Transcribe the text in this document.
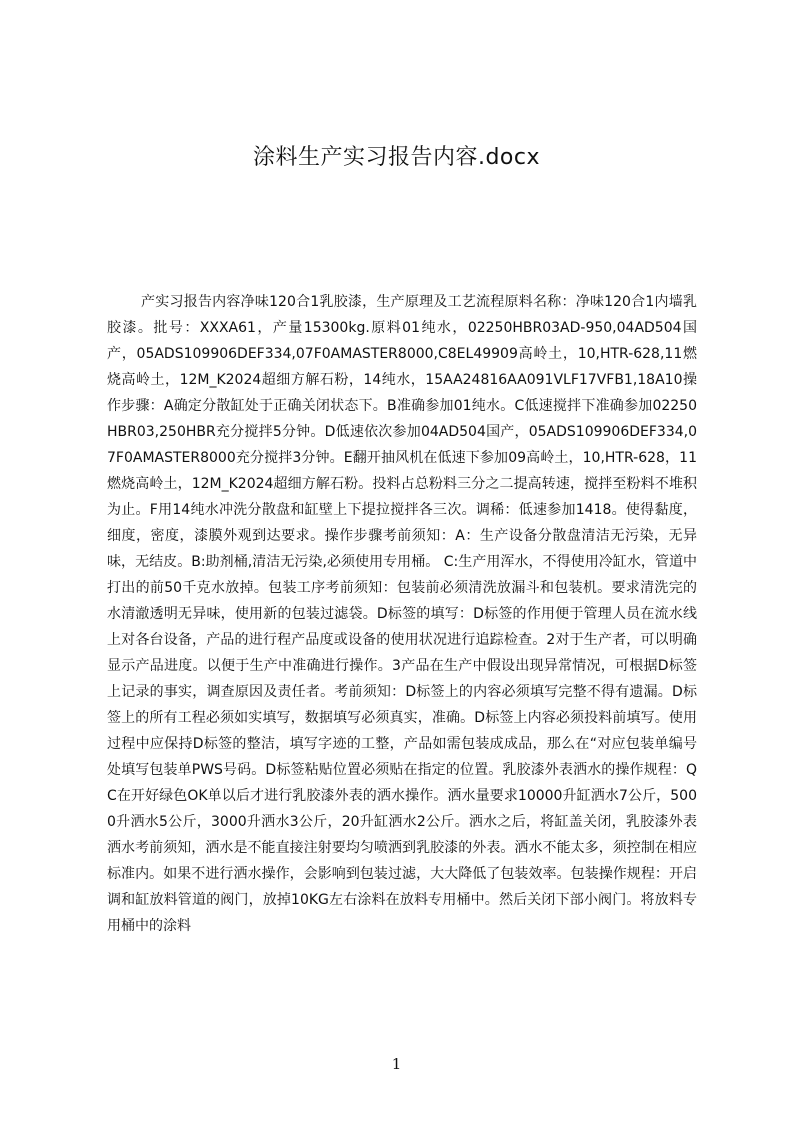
涂料生产实习报告内容.docx

产实习报告内容净味120合1乳胶漆，生产原理及工艺流程原料名称：净味120合1内墙乳胶漆。批号：XXXA61，产量15300kg.原料01纯水，02250HBR03AD-950,04AD504国产，05ADS109906DEF334,07F0AMASTER8000,C8EL49909高岭土，10,HTR-628,11燃烧高岭土，12M_K2024超细方解石粉，14纯水，15AA24816AA091VLF17VFB1,18A10操作步骤：A确定分散缸处于正确关闭状态下。B准确参加01纯水。C低速搅拌下准确参加02250HBR03,250HBR充分搅拌5分钟。D低速依次参加04AD504国产，05ADS109906DEF334,07F0AMASTER8000充分搅拌3分钟。E翻开抽风机在低速下参加09高岭土，10,HTR-628，11燃烧高岭土，12M_K2024超细方解石粉。投料占总粉料三分之二提高转速，搅拌至粉料不堆积为止。F用14纯水冲洗分散盘和缸壁上下提拉搅拌各三次。调稀：低速参加1418。使得黏度，细度，密度，漆膜外观到达要求。操作步骤考前须知：A：生产设备分散盘清洁无污染，无异味，无结皮。B:助剂桶,清洁无污染,必须使用专用桶。 C:生产用浑水，不得使用冷缸水，管道中打出的前50千克水放掉。包装工序考前须知：包装前必须清洗放漏斗和包装机。要求清洗完的水清澈透明无异味，使用新的包装过滤袋。D标签的填写：D标签的作用便于管理人员在流水线上对各台设备，产品的进行程产品度或设备的使用状况进行追踪检查。2对于生产者，可以明确显示产品进度。以便于生产中准确进行操作。3产品在生产中假设出现异常情况，可根据D标签上记录的事实，调查原因及责任者。考前须知：D标签上的内容必须填写完整不得有遗漏。D标签上的所有工程必须如实填写，数据填写必须真实，准确。D标签上内容必须投料前填写。使用过程中应保持D标签的整洁，填写字迹的工整，产品如需包装成成品，那么在“对应包装单编号处填写包装单PWS号码。D标签粘贴位置必须贴在指定的位置。乳胶漆外表洒水的操作规程：QC在开好绿色OK单以后才进行乳胶漆外表的洒水操作。洒水量要求10000升缸洒水7公斤，5000升洒水5公斤，3000升洒水3公斤，20升缸洒水2公斤。洒水之后，将缸盖关闭，乳胶漆外表洒水考前须知，洒水是不能直接注射要均匀喷洒到乳胶漆的外表。洒水不能太多，须控制在相应标准内。如果不进行洒水操作，会影响到包装过滤，大大降低了包装效率。包装操作规程：开启调和缸放料管道的阀门，放掉10KG左右涂料在放料专用桶中。然后关闭下部小阀门。将放料专用桶中的涂料

1
